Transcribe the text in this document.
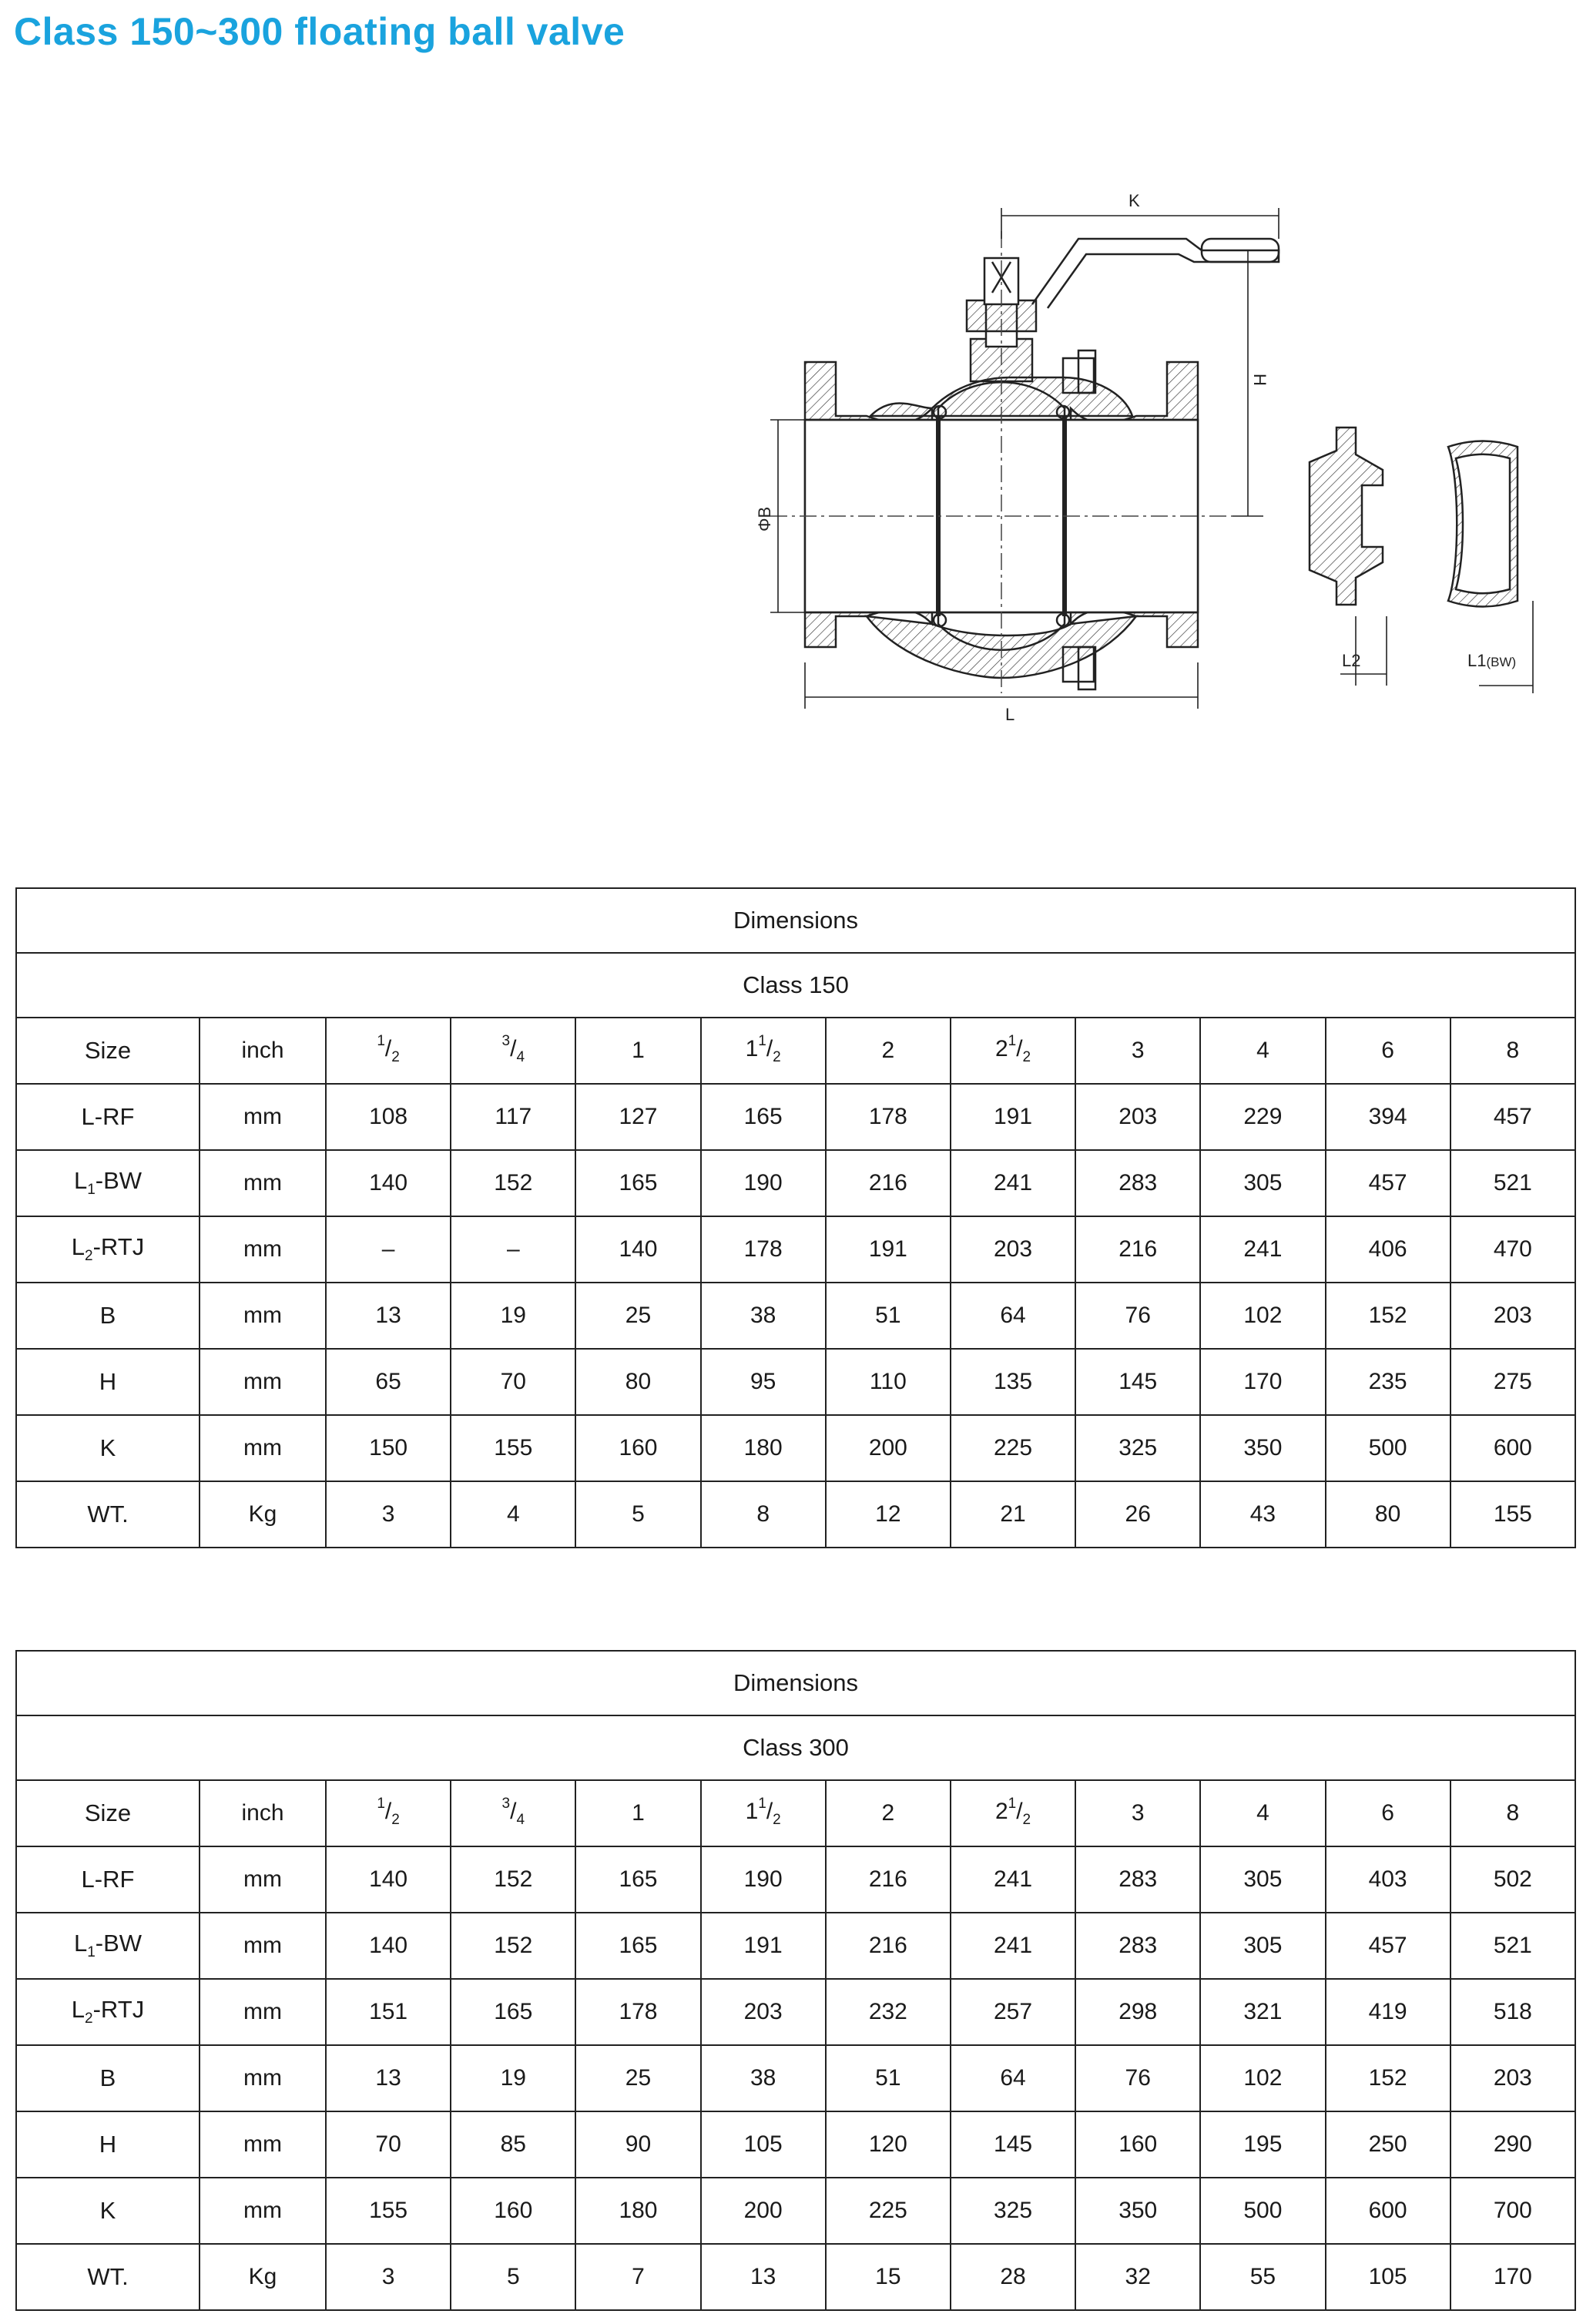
Class 150~300 floating ball valve
K
H
ΦB
L
L2	L1(BW)
Dimensions											
Class 150											
Size	inch	$^1/_2$	$^3/_4$	1	$1^1/_2$	2	$2^1/_2$	3	4	6	8
L-RF	mm	108	117	127	165	178	191	203	229	394	457
$L_1-BW$	mm	140	152	165	190	216	241	283	305	457	521
$L_2$-RTJ	mm	–	–	140	178	191	203	216	241	406	470
B	mm	13	19	25	38	51	64	76	102	152	203
H	mm	65	70	80	95	110	135	145	170	235	275
K	mm	150	155	160	180	200	225	325	350	500	600
WT.	Kg	3	4	5	8	12	21	26	43	80	155
Dimensions											
Class 300											
Size	inch	$^1/_2$	$^3/_4$	1	$1^1/_2$	2	$2^1/_2$	3	4	6	8
L-RF	mm	140	152	165	190	216	241	283	305	403	502
$L_1-BW$	mm	140	152	165	191	216	241	283	305	457	521
$L_2$-RTJ	mm	151	165	178	203	232	257	298	321	419	518
B	mm	13	19	25	38	51	64	76	102	152	203
H	mm	70	85	90	105	120	145	160	195	250	290
K	mm	155	160	180	200	225	325	350	500	600	700
WT.	Kg	3	5	7	13	15	28	32	55	105	170
